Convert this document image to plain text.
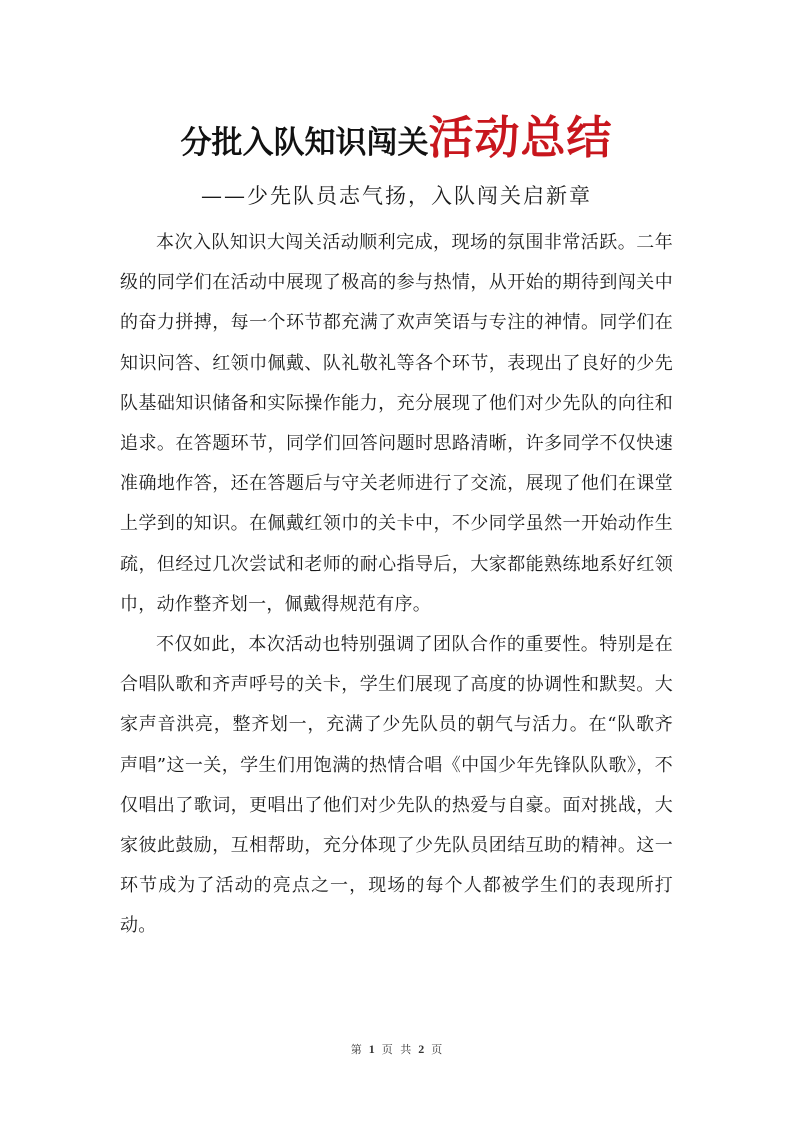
分批入队知识闯关活动总结
——少先队员志气扬，入队闯关启新章

本次入队知识大闯关活动顺利完成，现场的氛围非常活跃。二年级的同学们在活动中展现了极高的参与热情，从开始的期待到闯关中的奋力拼搏，每一个环节都充满了欢声笑语与专注的神情。同学们在知识问答、红领巾佩戴、队礼敬礼等各个环节，表现出了良好的少先队基础知识储备和实际操作能力，充分展现了他们对少先队的向往和追求。在答题环节，同学们回答问题时思路清晰，许多同学不仅快速准确地作答，还在答题后与守关老师进行了交流，展现了他们在课堂上学到的知识。在佩戴红领巾的关卡中，不少同学虽然一开始动作生疏，但经过几次尝试和老师的耐心指导后，大家都能熟练地系好红领巾，动作整齐划一，佩戴得规范有序。

不仅如此，本次活动也特别强调了团队合作的重要性。特别是在合唱队歌和齐声呼号的关卡，学生们展现了高度的协调性和默契。大家声音洪亮，整齐划一，充满了少先队员的朝气与活力。在“队歌齐声唱”这一关，学生们用饱满的热情合唱《中国少年先锋队队歌》，不仅唱出了歌词，更唱出了他们对少先队的热爱与自豪。面对挑战，大家彼此鼓励，互相帮助，充分体现了少先队员团结互助的精神。这一环节成为了活动的亮点之一，现场的每个人都被学生们的表现所打动。

第 1 页 共 2 页
